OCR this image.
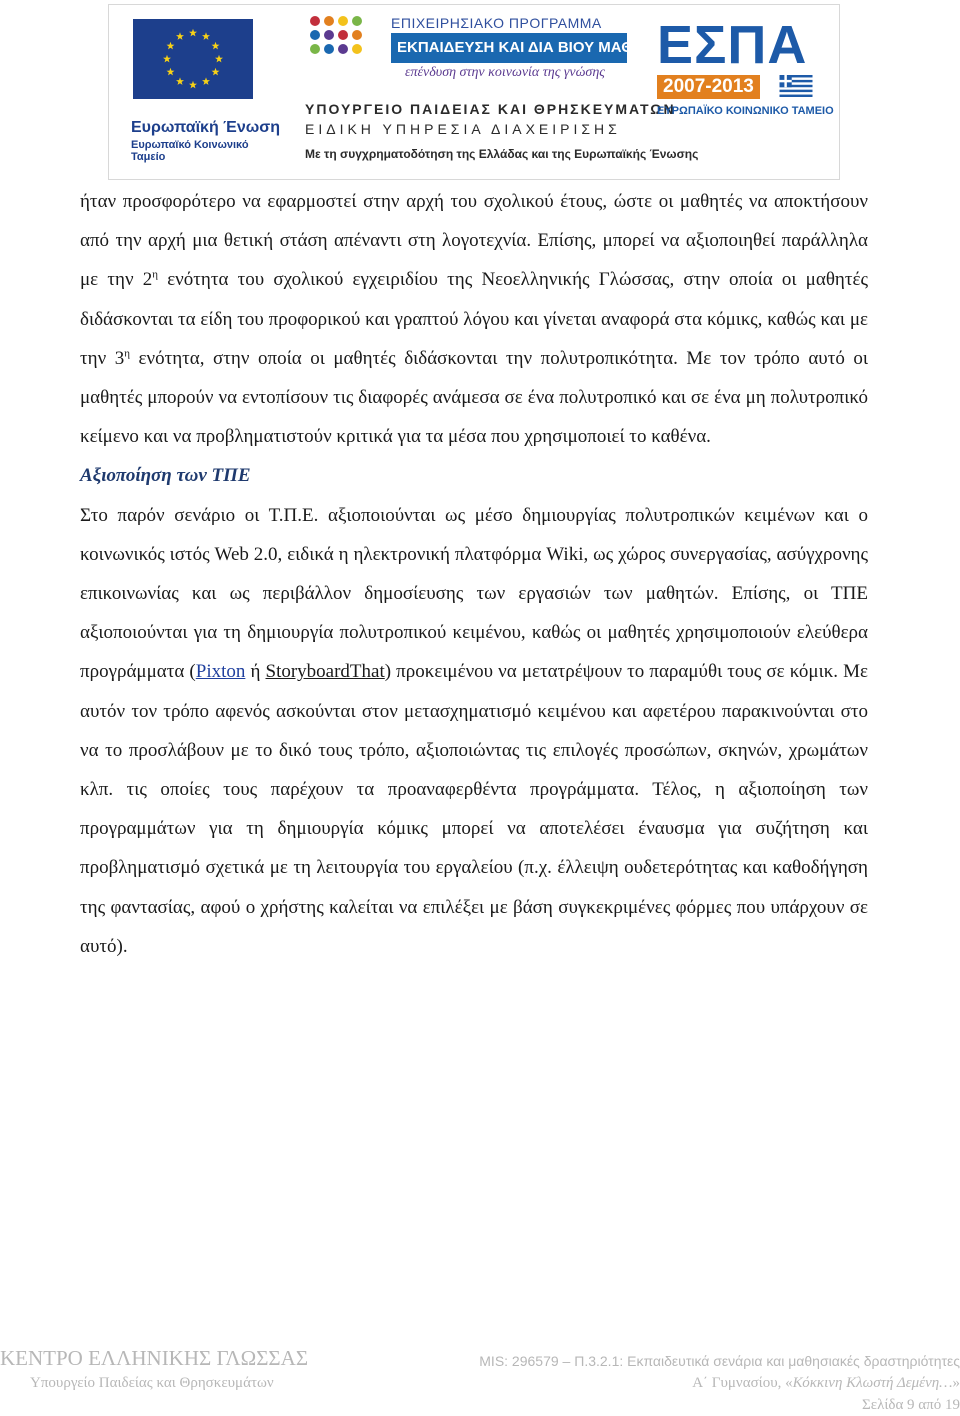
Ευρωπαϊκή Ένωση
Ευρωπαϊκό Κοινωνικό Ταμείο
ΕΠΙΧΕΙΡΗΣΙΑΚΟ ΠΡΟΓΡΑΜΜΑ
ΕΚΠΑΙΔΕΥΣΗ ΚΑΙ ΔΙΑ ΒΙΟΥ ΜΑΘΗΣΗ
επένδυση στην κοινωνία της γνώσης
ΥΠΟΥΡΓΕΙΟ ΠΑΙΔΕΙΑΣ ΚΑΙ ΘΡΗΣΚΕΥΜΑΤΩΝ
ΕΙΔΙΚΗ ΥΠΗΡΕΣΙΑ ΔΙΑΧΕΙΡΙΣΗΣ
Με τη συγχρηματοδότηση της Ελλάδας και της Ευρωπαϊκής Ένωσης
ΕΣΠΑ
2007-2013
ΕΥΡΩΠΑΪΚΟ ΚΟΙΝΩΝΙΚΟ ΤΑΜΕΙΟ

ήταν προσφορότερο να εφαρμοστεί στην αρχή του σχολικού έτους, ώστε οι μαθητές να αποκτήσουν από την αρχή μια θετική στάση απέναντι στη λογοτεχνία. Επίσης, μπορεί να αξιοποιηθεί παράλληλα με την $2^\eta$ ενότητα του σχολικού εγχειριδίου της Νεοελληνικής Γλώσσας, στην οποία οι μαθητές διδάσκονται τα είδη του προφορικού και γραπτού λόγου και γίνεται αναφορά στα κόμικς, καθώς και με την $3^\eta$ ενότητα, στην οποία οι μαθητές διδάσκονται την πολυτροπικότητα. Με τον τρόπο αυτό οι μαθητές μπορούν να εντοπίσουν τις διαφορές ανάμεσα σε ένα πολυτροπικό και σε ένα μη πολυτροπικό κείμενο και να προβληματιστούν κριτικά για τα μέσα που χρησιμοποιεί το καθένα.

Αξιοποίηση των ΤΠΕ

Στο παρόν σενάριο οι Τ.Π.Ε. αξιοποιούνται ως μέσο δημιουργίας πολυτροπικών κειμένων και ο κοινωνικός ιστός Web 2.0, ειδικά η ηλεκτρονική πλατφόρμα Wiki, ως χώρος συνεργασίας, ασύγχρονης επικοινωνίας και ως περιβάλλον δημοσίευσης των εργασιών των μαθητών. Επίσης, οι ΤΠΕ αξιοποιούνται για τη δημιουργία πολυτροπικού κειμένου, καθώς οι μαθητές χρησιμοποιούν ελεύθερα προγράμματα (Pixton ή StoryboardThat) προκειμένου να μετατρέψουν το παραμύθι τους σε κόμικ. Με αυτόν τον τρόπο αφενός ασκούνται στον μετασχηματισμό κειμένου και αφετέρου παρακινούνται στο να το προσλάβουν με το δικό τους τρόπο, αξιοποιώντας τις επιλογές προσώπων, σκηνών, χρωμάτων κλπ. τις οποίες τους παρέχουν τα προαναφερθέντα προγράμματα. Τέλος, η αξιοποίηση των προγραμμάτων για τη δημιουργία κόμικς μπορεί να αποτελέσει έναυσμα για συζήτηση και προβληματισμό σχετικά με τη λειτουργία του εργαλείου (π.χ. έλλειψη ουδετερότητας και καθοδήγηση της φαντασίας, αφού ο χρήστης καλείται να επιλέξει με βάση συγκεκριμένες φόρμες που υπάρχουν σε αυτό).

ΚΕΝΤΡΟ ΕΛΛΗΝΙΚΗΣ ΓΛΩΣΣΑΣ
Υπουργείο Παιδείας και Θρησκευμάτων
MIS: 296579 – Π.3.2.1: Εκπαιδευτικά σενάρια και μαθησιακές δραστηριότητες
Α΄ Γυμνασίου, «Κόκκινη Κλωστή Δεμένη…»
Σελίδα 9 από 19
